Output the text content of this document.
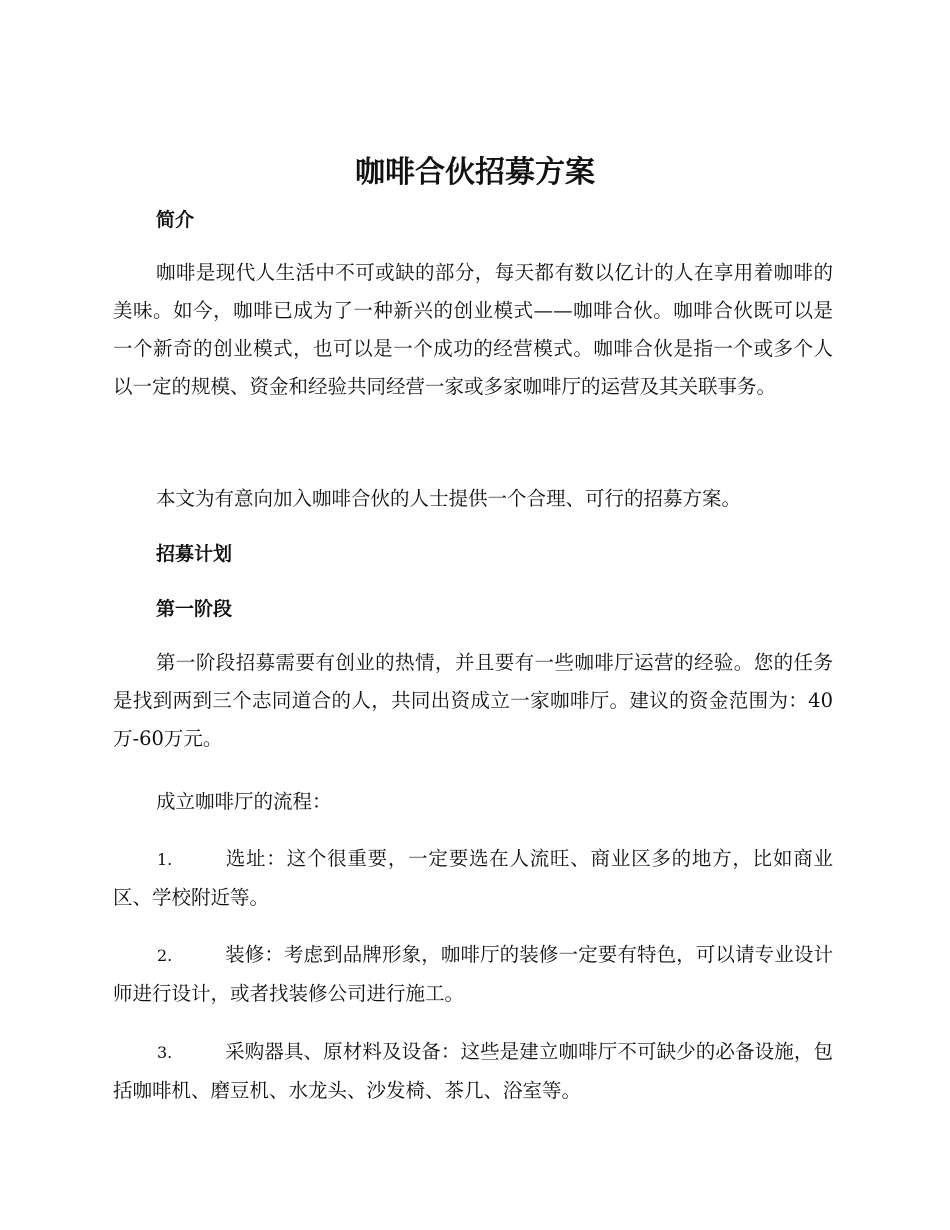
咖啡合伙招募方案
简介

咖啡是现代人生活中不可或缺的部分，每天都有数以亿计的人在享用着咖啡的美味。如今，咖啡已成为了一种新兴的创业模式——咖啡合伙。咖啡合伙既可以是一个新奇的创业模式，也可以是一个成功的经营模式。咖啡合伙是指一个或多个人以一定的规模、资金和经验共同经营一家或多家咖啡厅的运营及其关联事务。

本文为有意向加入咖啡合伙的人士提供一个合理、可行的招募方案。

招募计划
第一阶段

第一阶段招募需要有创业的热情，并且要有一些咖啡厅运营的经验。您的任务是找到两到三个志同道合的人，共同出资成立一家咖啡厅。建议的资金范围为：40万-60万元。

成立咖啡厅的流程：

1.	选址：这个很重要，一定要选在人流旺、商业区多的地方，比如商业区、学校附近等。

2.	装修：考虑到品牌形象，咖啡厅的装修一定要有特色，可以请专业设计师进行设计，或者找装修公司进行施工。

3.	采购器具、原材料及设备：这些是建立咖啡厅不可缺少的必备设施，包括咖啡机、磨豆机、水龙头、沙发椅、茶几、浴室等。
